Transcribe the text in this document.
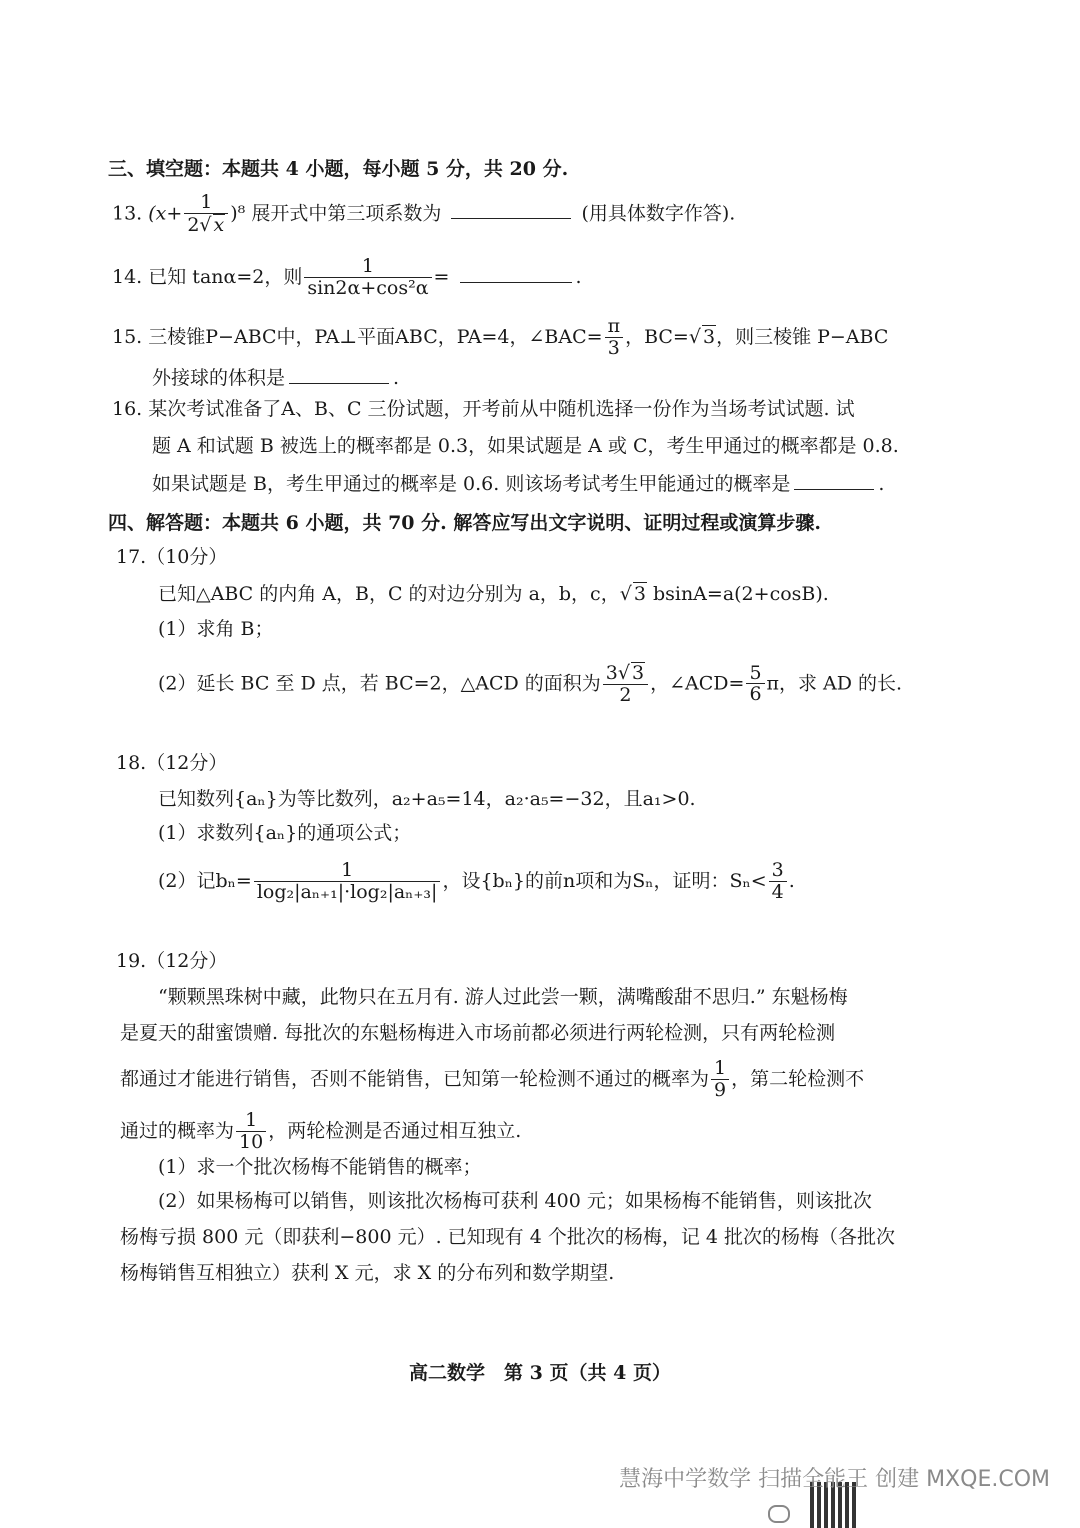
三、填空题：本题共 4 小题，每小题 5 分，共 20 分.
13. $(x+ \frac{1}{2 √ x} )^8$ 展开式中第三项系数为	(用具体数字作答).
14. 已知 tanα=2，则 $\frac{1}{\text{sin2α+cos²α}}$ =	.
15. 三棱锥P−ABC中，PA⊥平面ABC，PA=4，∠BAC= $\frac{\pi}{3}$ ，BC= √ 3，则三棱锥 P−ABC
外接球的体积是	.
16. 某次考试准备了A、B、C 三份试题，开考前从中随机选择一份作为当场考试试题. 试
题 A 和试题 B 被选上的概率都是 0.3，如果试题是 A 或 C，考生甲通过的概率都是 0.8.
如果试题是 B，考生甲通过的概率是 0.6. 则该场考试考生甲能通过的概率是	.
四、解答题：本题共 6 小题，共 70 分. 解答应写出文字说明、证明过程或演算步骤.
17.（10分）
已知△ABC 的内角 A，B，C 的对边分别为 a，b，c， √ 3 bsinA=a(2+cosB).
(1）求角 B；
(2）延长 BC 至 D 点，若 BC=2，△ACD 的面积为 $\frac{3 √ 3}{2}$ ，∠ACD= $\frac{5}{6}$ π，求 AD 的长.
18.（12分）
已知数列{aₙ}为等比数列，a₂+a₅=14，a₂·a₅=−32，且a₁>0.
(1）求数列{aₙ}的通项公式；
(2）记$b_n= \frac{1}{\text{log₂|aₙ₊₁|·log₂|aₙ₊₃|}}$ ，设{bₙ}的前n项和为Sₙ，证明：$S_n< \frac{3}{4}$ .
19.（12分）
“颗颗黑珠树中藏，此物只在五月有. 游人过此尝一颗，满嘴酸甜不思归.” 东魁杨梅
是夏天的甜蜜馈赠. 每批次的东魁杨梅进入市场前都必须进行两轮检测，只有两轮检测
都通过才能进行销售，否则不能销售，已知第一轮检测不通过的概率为 $\frac{1}{9}$ ，第二轮检测不
通过的概率为 $\frac{1}{10}$ ，两轮检测是否通过相互独立.
(1）求一个批次杨梅不能销售的概率；
(2）如果杨梅可以销售，则该批次杨梅可获利 400 元；如果杨梅不能销售，则该批次
杨梅亏损 800 元（即获利−800 元）. 已知现有 4 个批次的杨梅，记 4 批次的杨梅（各批次
杨梅销售互相独立）获利 X 元，求 X 的分布列和数学期望.
高二数学　第 3 页（共 4 页）
慧海中学数学 扫描全能王 创建 MXQE.COM
